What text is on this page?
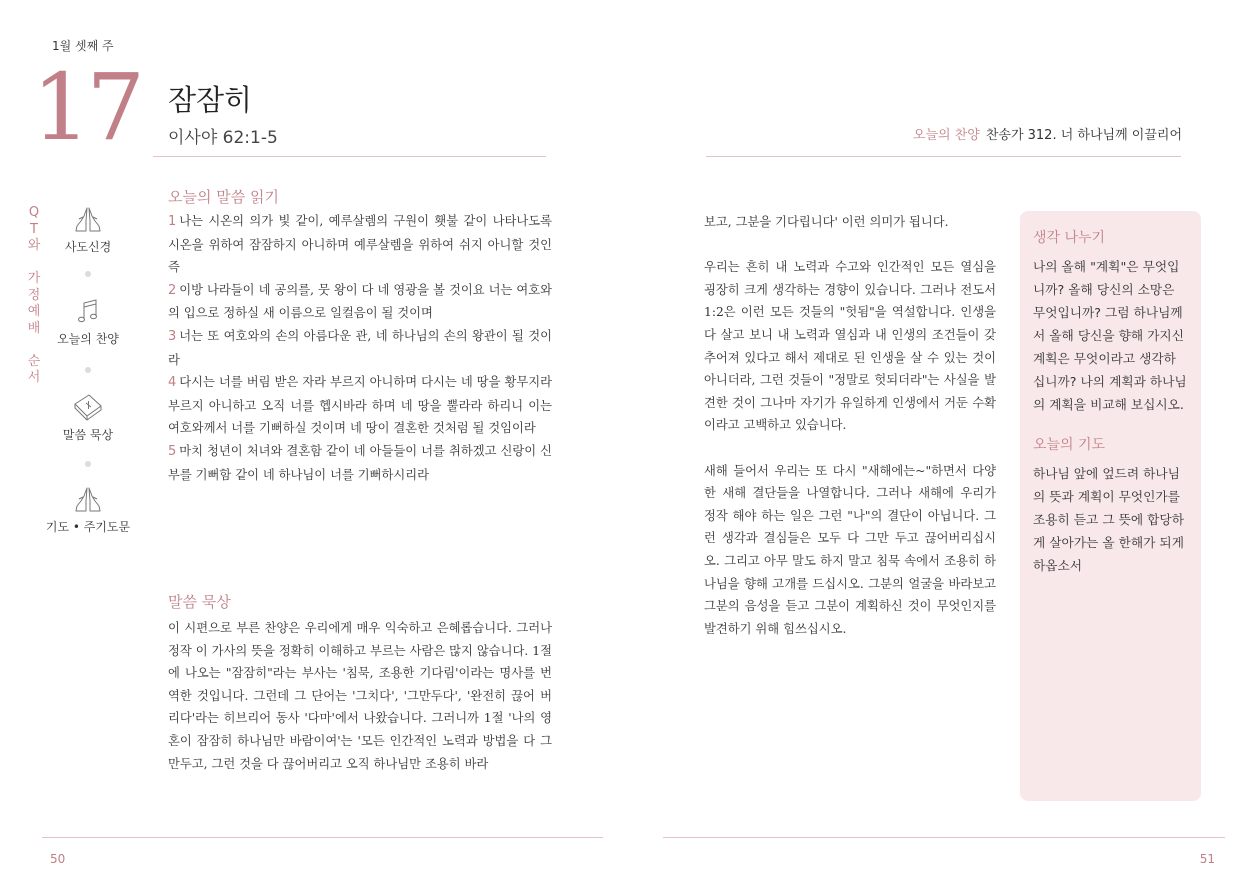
1월 셋째 주
17 잠잠히
이사야 62:1-5	오늘의 찬양 찬송가 312. 너 하나님께 이끌리어
Q
T
와
가
정
예
배
순
서
사도신경
오늘의 찬양
말씀 묵상
기도 • 주기도문
오늘의 말씀 읽기
1 나는 시온의 의가 빛 같이, 예루살렘의 구원이 횃불 같이 나타나도록 시온을 위하여 잠잠하지 아니하며 예루살렘을 위하여 쉬지 아니할 것인즉
2 이방 나라들이 네 공의를, 뭇 왕이 다 네 영광을 볼 것이요 너는 여호와의 입으로 정하실 새 이름으로 일컬음이 될 것이며
3 너는 또 여호와의 손의 아름다운 관, 네 하나님의 손의 왕관이 될 것이라
4 다시는 너를 버림 받은 자라 부르지 아니하며 다시는 네 땅을 황무지라 부르지 아니하고 오직 너를 헵시바라 하며 네 땅을 뿔라라 하리니 이는 여호와께서 너를 기뻐하실 것이며 네 땅이 결혼한 것처럼 될 것임이라
5 마치 청년이 처녀와 결혼함 같이 네 아들들이 너를 취하겠고 신랑이 신부를 기뻐함 같이 네 하나님이 너를 기뻐하시리라
말씀 묵상
이 시편으로 부른 찬양은 우리에게 매우 익숙하고 은혜롭습니다. 그러나 정작 이 가사의 뜻을 정확히 이해하고 부르는 사람은 많지 않습니다. 1절에 나오는 "잠잠히"라는 부사는 '침묵, 조용한 기다림'이라는 명사를 번역한 것입니다. 그런데 그 단어는 '그치다', '그만두다', '완전히 끊어 버리다'라는 히브리어 동사 '다마'에서 나왔습니다. 그러니까 1절 '나의 영혼이 잠잠히 하나님만 바람이여'는 '모든 인간적인 노력과 방법을 다 그만두고, 그런 것을 다 끊어버리고 오직 하나님만 조용히 바라

보고, 그분을 기다립니다' 이런 의미가 됩니다.

우리는 흔히 내 노력과 수고와 인간적인 모든 열심을 굉장히 크게 생각하는 경향이 있습니다. 그러나 전도서 1:2은 이런 모든 것들의 "헛됨"을 역설합니다. 인생을 다 살고 보니 내 노력과 열심과 내 인생의 조건들이 갖추어져 있다고 해서 제대로 된 인생을 살 수 있는 것이 아니더라, 그런 것들이 "정말로 헛되더라"는 사실을 발견한 것이 그나마 자기가 유일하게 인생에서 거둔 수확이라고 고백하고 있습니다.

새해 들어서 우리는 또 다시 "새해에는~"하면서 다양한 새해 결단들을 나열합니다. 그러나 새해에 우리가 정작 해야 하는 일은 그런 "나"의 결단이 아닙니다. 그런 생각과 결심들은 모두 다 그만 두고 끊어버리십시오. 그리고 아무 말도 하지 말고 침묵 속에서 조용히 하나님을 향해 고개를 드십시오. 그분의 얼굴을 바라보고 그분의 음성을 듣고 그분이 계획하신 것이 무엇인지를 발견하기 위해 힘쓰십시오.

생각 나누기
나의 올해 "계획"은 무엇입니까? 올해 당신의 소망은 무엇입니까? 그럼 하나님께서 올해 당신을 향해 가지신 계획은 무엇이라고 생각하십니까? 나의 계획과 하나님의 계획을 비교해 보십시오.
오늘의 기도
하나님 앞에 엎드려 하나님의 뜻과 계획이 무엇인가를 조용히 듣고 그 뜻에 합당하게 살아가는 올 한해가 되게 하옵소서
50	51
